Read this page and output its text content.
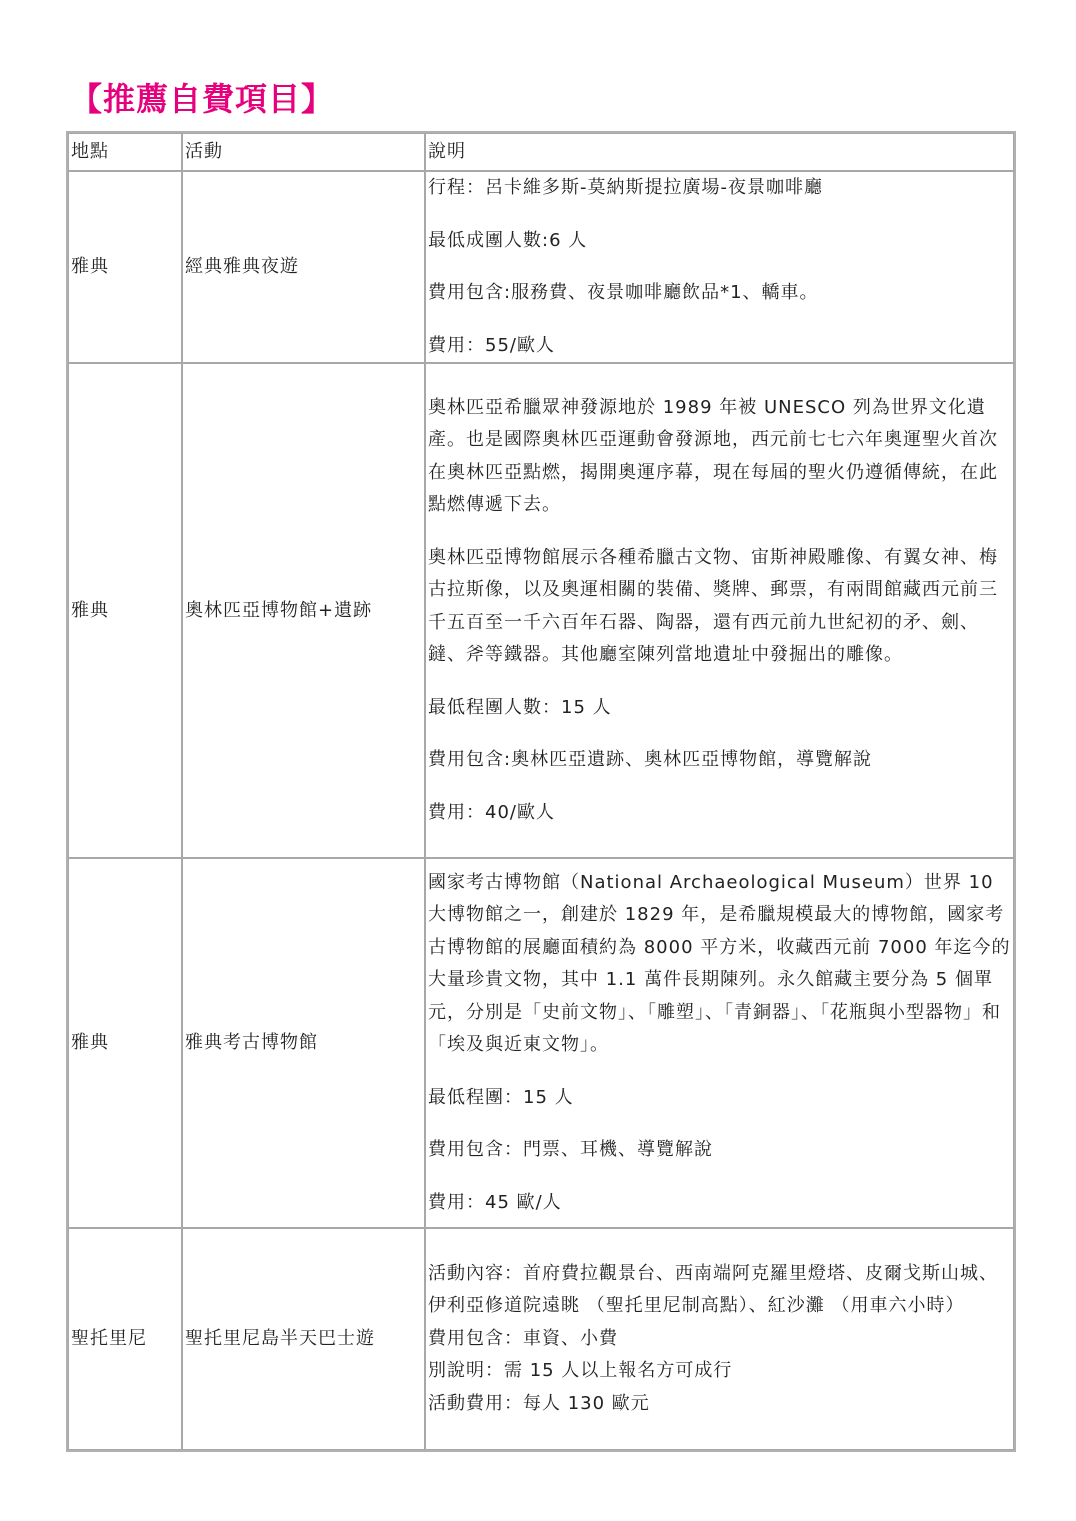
【推薦自費項目】
地點	活動	說明
雅典	經典雅典夜遊	行程：呂卡維多斯-莫納斯提拉廣場-夜景咖啡廳

最低成團人數:6 人

費用包含:服務費、夜景咖啡廳飲品*1、轎車。

費用：55/歐人

雅典	奧林匹亞博物館+遺跡	奧林匹亞希臘眾神發源地於 1989 年被 UNESCO 列為世界文化遺產。也是國際奧林匹亞運動會發源地，西元前七七六年奧運聖火首次在奧林匹亞點燃，揭開奧運序幕，現在每屆的聖火仍遵循傳統，在此點燃傳遞下去。

奧林匹亞博物館展示各種希臘古文物、宙斯神殿雕像、有翼女神、梅古拉斯像，以及奧運相關的裝備、獎牌、郵票，有兩間館藏西元前三千五百至一千六百年石器、陶器，還有西元前九世紀初的矛、劍、鐽、斧等鐵器。其他廳室陳列當地遺址中發掘出的雕像。

最低程團人數：15 人

費用包含:奧林匹亞遺跡、奧林匹亞博物館，導覽解說

費用：40/歐人

雅典	雅典考古博物館	國家考古博物館（National Archaeological Museum）世界 10 大博物館之一，創建於 1829 年，是希臘規模最大的博物館，國家考古博物館的展廳面積約為 8000 平方米，收藏西元前 7000 年迄今的大量珍貴文物，其中 1.1 萬件長期陳列。永久館藏主要分為 5 個單元，分別是「史前文物」、「雕塑」、「青銅器」、「花瓶與小型器物」和「埃及與近東文物」。

最低程團：15 人

費用包含：門票、耳機、導覽解說

費用：45 歐/人

聖托里尼	聖托里尼島半天巴士遊	活動內容：首府費拉觀景台、西南端阿克羅里燈塔、皮爾戈斯山城、伊利亞修道院遠眺 （聖托里尼制高點）、紅沙灘 （用車六小時）

費用包含：車資、小費

別說明：需 15 人以上報名方可成行

活動費用：每人 130 歐元
